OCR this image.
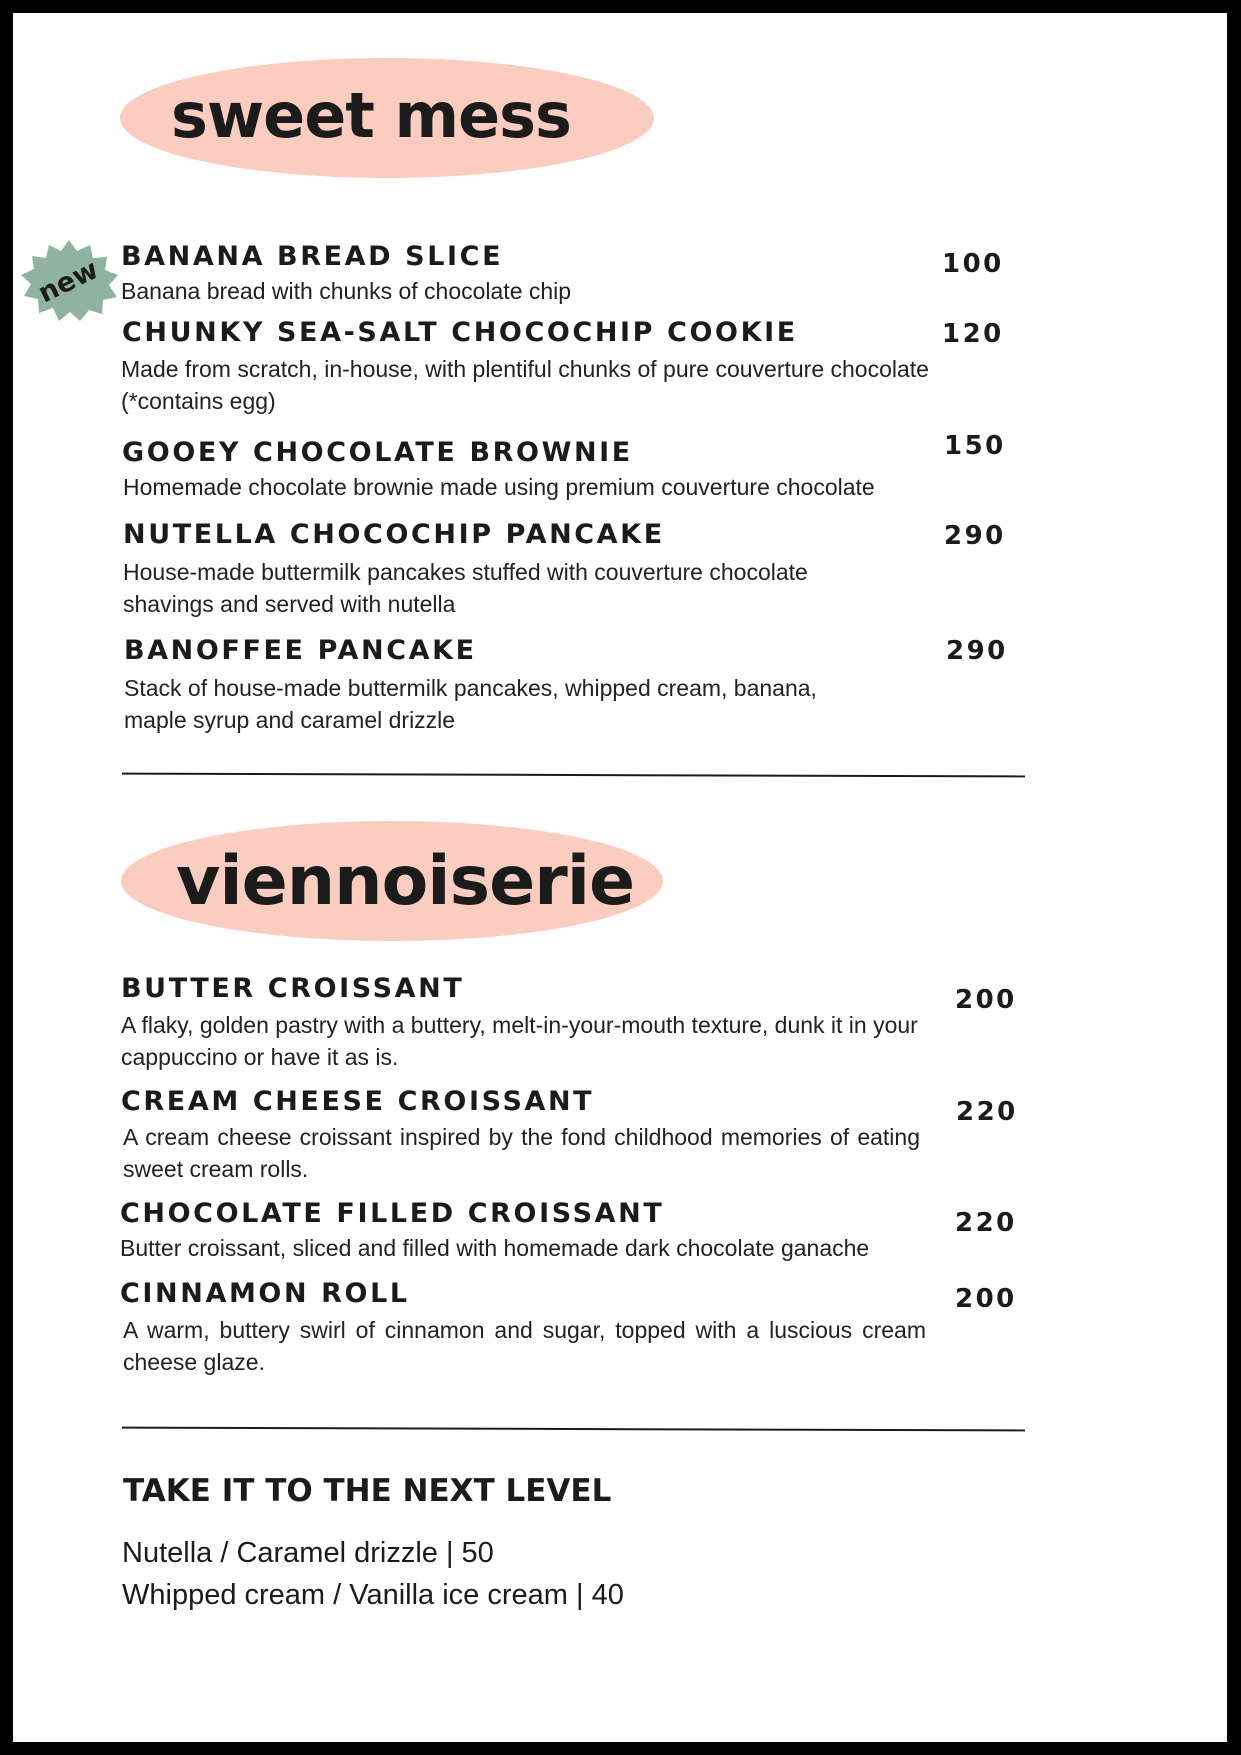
sweet mess
new BANANA BREAD SLICE
Banana bread with chunks of chocolate chip
100
CHUNKY SEA-SALT CHOCOCHIP COOKIE
Made from scratch, in-house, with plentiful chunks of pure couverture chocolate (*contains egg)
120
GOOEY CHOCOLATE BROWNIE
Homemade chocolate brownie made using premium couverture chocolate
150
NUTELLA CHOCOCHIP PANCAKE
House-made buttermilk pancakes stuffed with couverture chocolate shavings and served with nutella
290
BANOFFEE PANCAKE
Stack of house-made buttermilk pancakes, whipped cream, banana, maple syrup and caramel drizzle
290
viennoiserie
BUTTER CROISSANT
A flaky, golden pastry with a buttery, melt-in-your-mouth texture, dunk it in your cappuccino or have it as is.
200
CREAM CHEESE CROISSANT
A cream cheese croissant inspired by the fond childhood memories of eating sweet cream rolls.
220
CHOCOLATE FILLED CROISSANT
Butter croissant, sliced and filled with homemade dark chocolate ganache
220
CINNAMON ROLL
A warm, buttery swirl of cinnamon and sugar, topped with a luscious cream cheese glaze.
200
TAKE IT TO THE NEXT LEVEL
Nutella / Caramel drizzle | 50
Whipped cream / Vanilla ice cream | 40
